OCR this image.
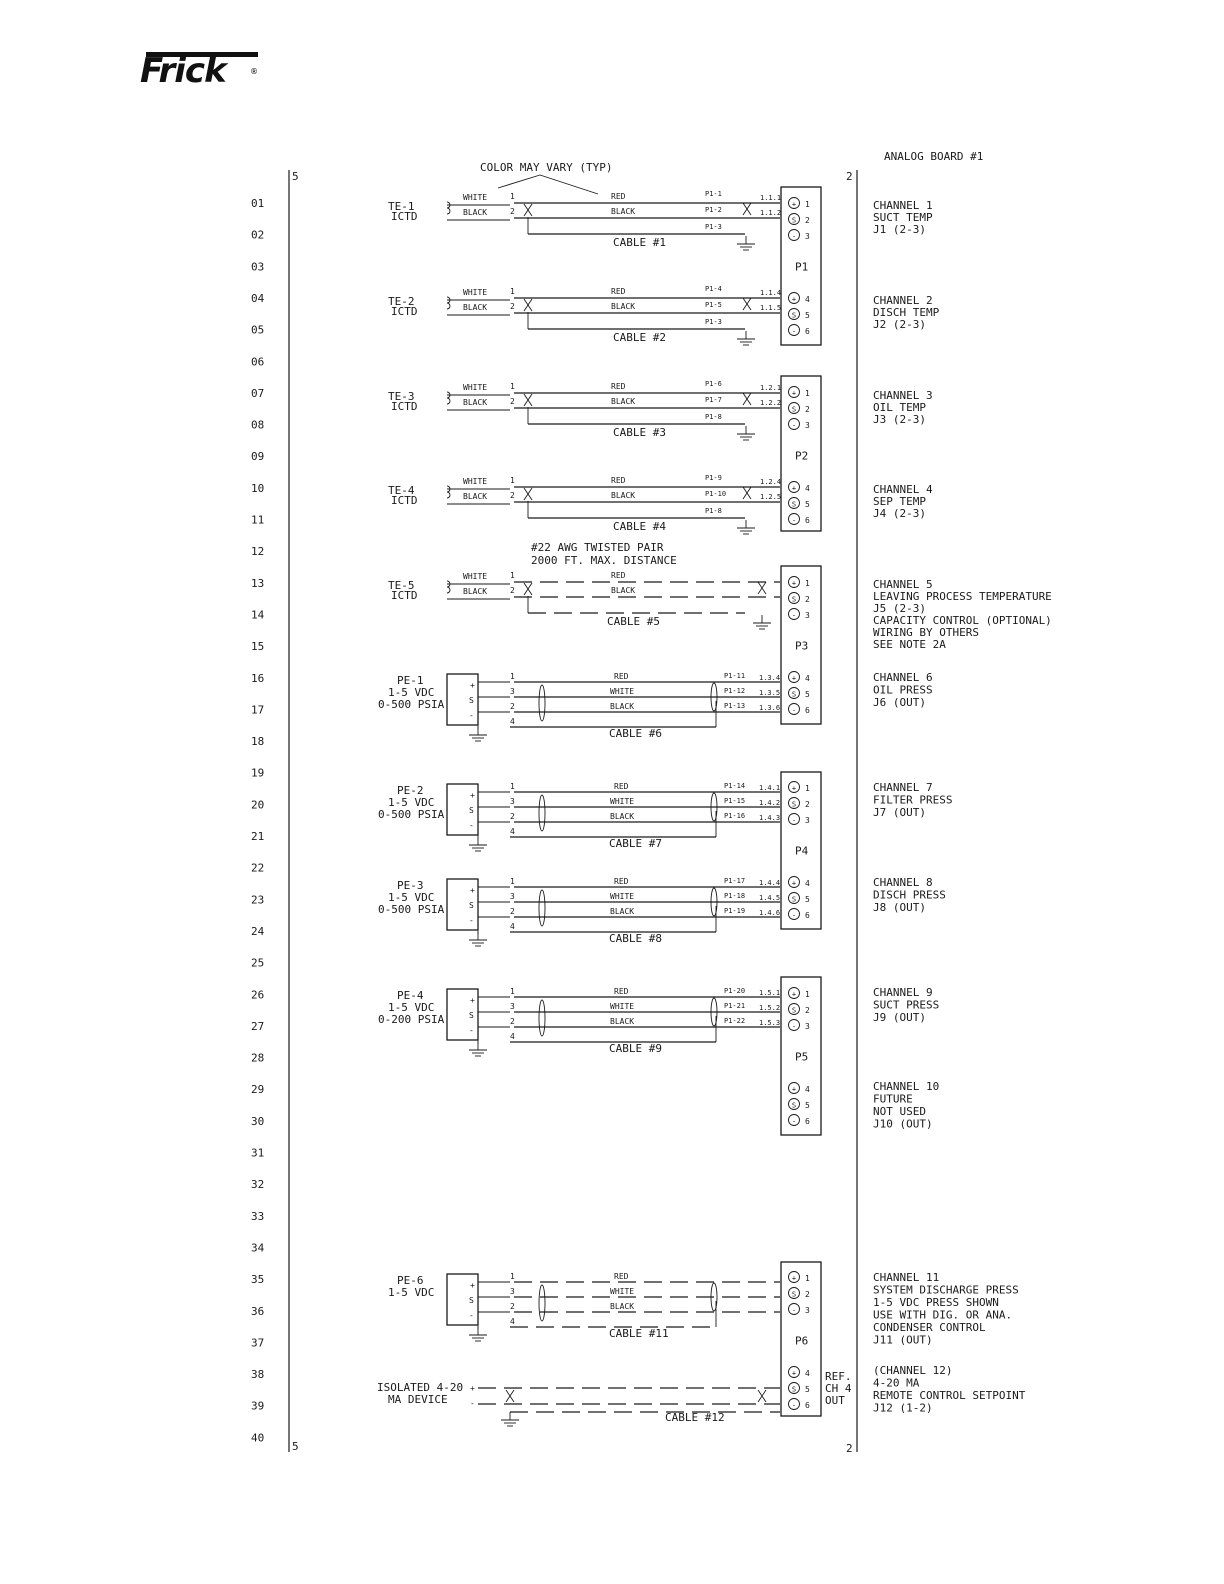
Frick	®
COLOR MAY VARY (TYP)
ANALOG BOARD #1
5
5
2
2
01
02
03
04
05
06
07
08
09
10
11
12
13
14
15
16
17
18
19
20
21
22
23
24
25
26
27
28
29
30
31
32
33
34
35
36
37
38
39
40
P1
+ 1
S 2
- 3
+ 4
S 5
- 6
P2
+ 1
S 2
- 3
+ 4
S 5
- 6
P3
+ 1
S 2
- 3
+ 4
S 5
- 6
P4
+ 1
S 2
- 3
+ 4
S 5
- 6
P5
+ 1
S 2
- 3
+ 4
S 5
- 6
P6
+ 1
S 2
- 3
+ 4
S 5
- 6
TE-1
ICTD
WHITE
BLACK
1
2
RED
BLACK
P1-1
P1-2
P1-3
1.1.1
1.1.2
CABLE #1
CHANNEL 1
SUCT TEMP
J1 (2-3)
TE-2
ICTD
WHITE
BLACK
1
2
RED
BLACK
P1-4
P1-5
P1-3
1.1.4
1.1.5
CABLE #2
CHANNEL 2
DISCH TEMP
J2 (2-3)
TE-3
ICTD
WHITE
BLACK
1
2
RED
BLACK
P1-6
P1-7
P1-8
1.2.1
1.2.2
CABLE #3
CHANNEL 3
OIL TEMP
J3 (2-3)
TE-4
ICTD
WHITE
BLACK
1
2
RED
BLACK
P1-9
P1-10
P1-8
1.2.4
1.2.5
CABLE #4
CHANNEL 4
SEP TEMP
J4 (2-3)
TE-5
ICTD
WHITE
BLACK
1
2
RED
BLACK
CABLE #5
CHANNEL 5
LEAVING PROCESS TEMPERATURE
J5 (2-3)
CAPACITY CONTROL (OPTIONAL)
WIRING BY OTHERS
SEE NOTE 2A
#22 AWG TWISTED PAIR
2000 FT. MAX. DISTANCE
+
S
-
PE-1
1-5 VDC
0-500 PSIA
1
3
2
4
RED
WHITE
BLACK
CABLE #6
P1-11 1.3.4
P1-12 1.3.5
P1-13 1.3.6
CHANNEL 6
OIL PRESS
J6 (OUT)
+
S
-
PE-2
1-5 VDC
0-500 PSIA
1
3
2
4
RED
WHITE
BLACK
CABLE #7
P1-14 1.4.1
P1-15 1.4.2
P1-16 1.4.3
CHANNEL 7
FILTER PRESS
J7 (OUT)
+
S
-
PE-3
1-5 VDC
0-500 PSIA
1
3
2
4
RED
WHITE
BLACK
CABLE #8
P1-17 1.4.4
P1-18 1.4.5
P1-19 1.4.6
CHANNEL 8
DISCH PRESS
J8 (OUT)
+
S
-
PE-4
1-5 VDC
0-200 PSIA
1
3
2
4
RED
WHITE
BLACK
CABLE #9
P1-20 1.5.1
P1-21 1.5.2
P1-22 1.5.3
CHANNEL 9
SUCT PRESS
J9 (OUT)
+
S
-
PE-6
1-5 VDC
1
3
2
4
RED
WHITE
BLACK
CABLE #11
CHANNEL 11
SYSTEM DISCHARGE PRESS
1-5 VDC PRESS SHOWN
USE WITH DIG. OR ANA.
CONDENSER CONTROL
J11 (OUT)
CHANNEL 10
FUTURE
NOT USED
J10 (OUT)
(CHANNEL 12)
4-20 MA
REMOTE CONTROL SETPOINT
J12 (1-2)
REF.
CH 4
OUT
ISOLATED 4-20
MA DEVICE
+
-
CABLE #12
